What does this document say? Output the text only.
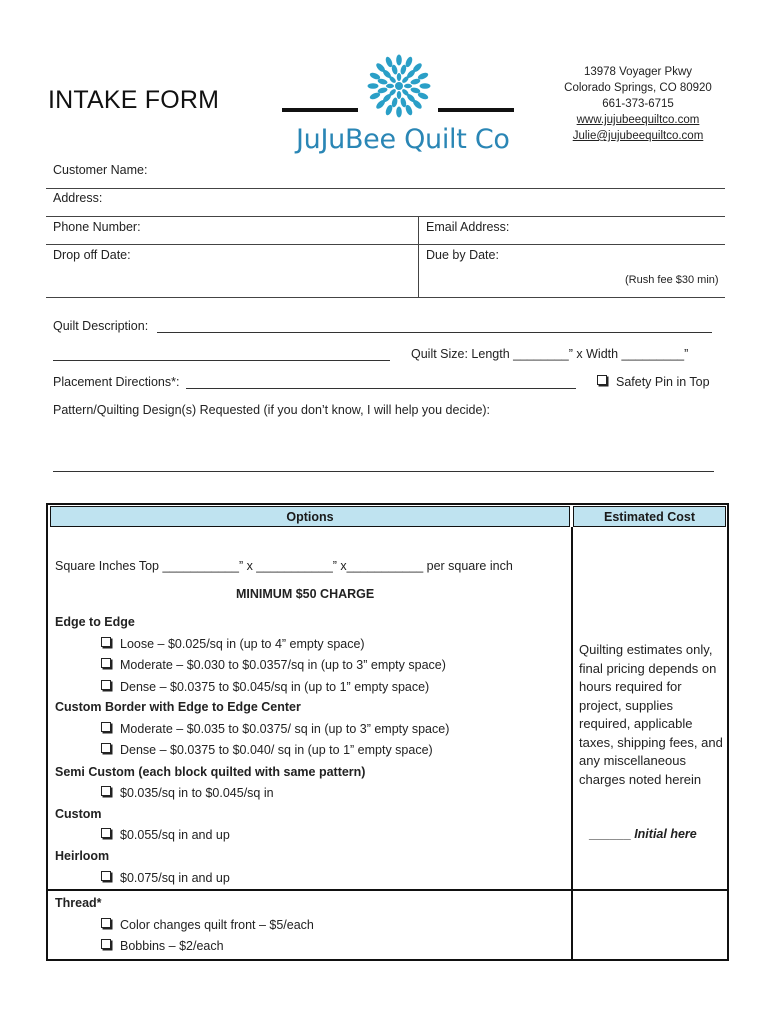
INTAKE FORM
JuJuBee Quilt Co
13978 Voyager Pkwy
Colorado Springs, CO 80920
661-373-6715
www.jujubeequiltco.com
Julie@jujubeequiltco.com
Customer Name:
Address:
Phone Number:	Email Address:
Drop off Date:	Due by Date:
(Rush fee $30 min)
Quilt Description:
Quilt Size: Length ________” x Width _________”
Placement Directions*:	Safety Pin in Top
Pattern/Quilting Design(s) Requested (if you don’t know, I will help you decide):
Options	Estimated Cost
Square Inches Top ___________” x ___________” x___________ per square inch
MINIMUM $50 CHARGE
Edge to Edge
Loose – $0.025/sq in (up to 4” empty space)
Moderate – $0.030 to $0.0357/sq in (up to 3” empty space)
Dense – $0.0375 to $0.045/sq in (up to 1” empty space)
Custom Border with Edge to Edge Center
Moderate – $0.035 to $0.0375/ sq in (up to 3” empty space)
Dense – $0.0375 to $0.040/ sq in (up to 1” empty space)
Semi Custom (each block quilted with same pattern)
$0.035/sq in to $0.045/sq in
Custom
$0.055/sq in and up
Heirloom
$0.075/sq in and up
Thread*
Color changes quilt front – $5/each
Bobbins – $2/each
Quilting estimates only, final pricing depends on hours required for project, supplies required, applicable taxes, shipping fees, and any miscellaneous charges noted herein
______ Initial here
